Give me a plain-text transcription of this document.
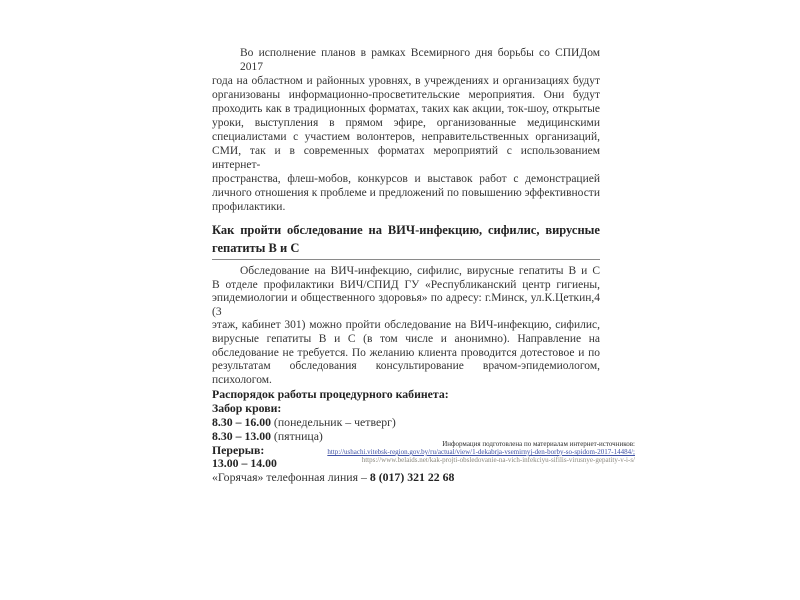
Во исполнение планов в рамках Всемирного дня борьбы со СПИДом 2017
года на областном и районных уровнях, в учреждениях и организациях будут
организованы информационно-просветительские мероприятия. Они будут
проходить как в традиционных форматах, таких как акции, ток-шоу, открытые
уроки, выступления в прямом эфире, организованные медицинскими
специалистами с участием волонтеров, неправительственных организаций,
СМИ, так и в современных форматах мероприятий с использованием интернет-
пространства, флеш-мобов, конкурсов и выставок работ с демонстрацией
личного отношения к проблеме и предложений по повышению эффективности
профилактики.
Как пройти обследование на ВИЧ-инфекцию, сифилис, вирусные
гепатиты В и С
Обследование на ВИЧ-инфекцию, сифилис, вирусные гепатиты В и С
В отделе профилактики ВИЧ/СПИД ГУ «Республиканский центр гигиены,
эпидемиологии и общественного здоровья» по адресу: г.Минск, ул.К.Цеткин,4 (3
этаж, кабинет 301) можно пройти обследование на ВИЧ-инфекцию, сифилис,
вирусные гепатиты В и С (в том числе и анонимно). Направление на
обследование не требуется. По желанию клиента проводится дотестовое и по
результатам обследования консультирование врачом-эпидемиологом,
психологом.
Распорядок работы процедурного кабинета:
Забор крови:
8.30 – 16.00 (понедельник – четверг)
8.30 – 13.00 (пятница)
Перерыв:
13.00 – 14.00
«Горячая» телефонная линия – 8 (017) 321 22 68
Информация подготовлена по материалам интернет-источников:
http://ushachi.vitebsk-region.gov.by/ru/actual/view/1-dekabrja-vsemirnyj-den-borby-so-spidom-2017-14484/;
https://www.belaids.net/kak-projti-obsledovanie-na-vich-infekciyu-sifilis-virusnye-gepatity-v-i-s/
